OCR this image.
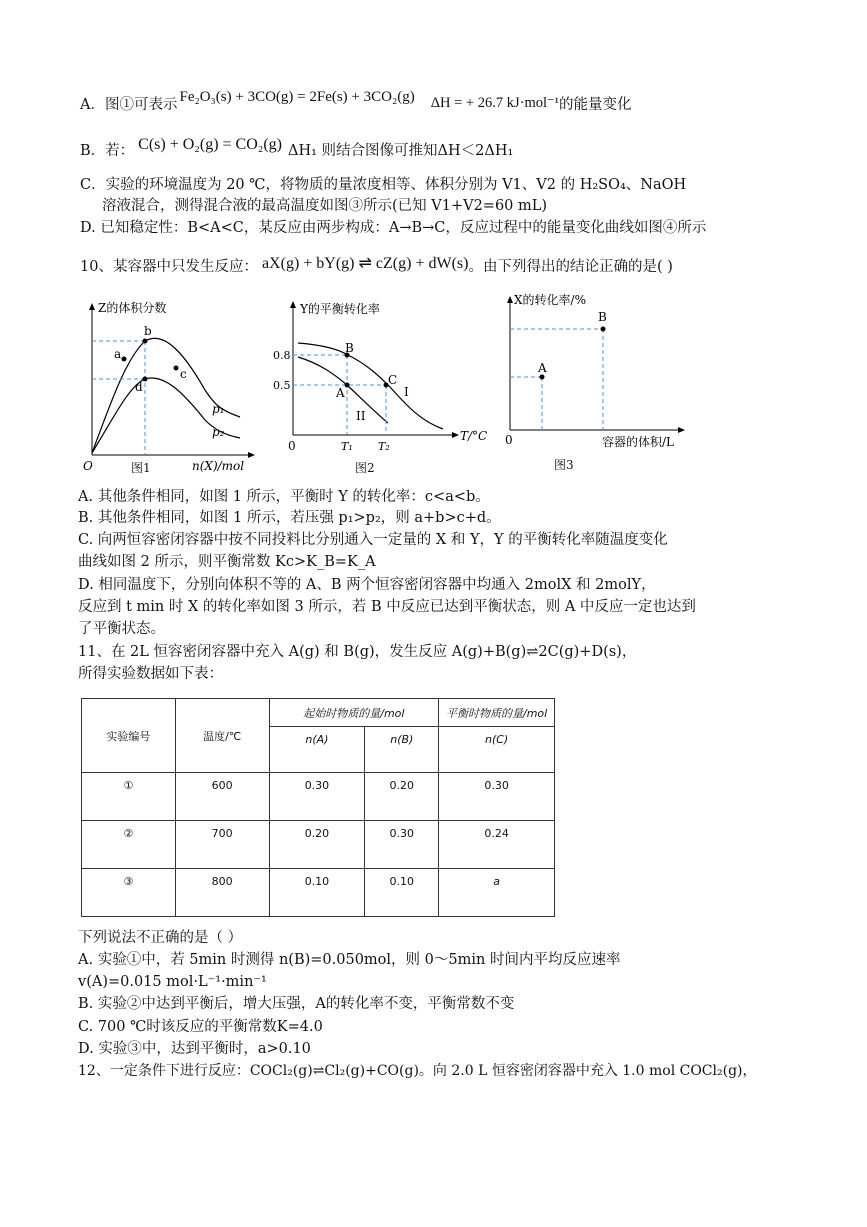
A．图①可表示 Fe₂O₃(s) + 3CO(g) = 2Fe(s) + 3CO₂(g) ΔH = + 26.7 kJ·mol⁻¹的能量变化
B．若： C(s) + O₂(g) = CO₂(g) ΔH₁ 则结合图像可推知ΔH＜2ΔH₁
C．实验的环境温度为 20 ℃，将物质的量浓度相等、体积分别为 V1、V2 的 H₂SO₄、NaOH
溶液混合，测得混合液的最高温度如图③所示(已知 V1+V2=60 mL)
D. 已知稳定性：B<A<C，某反应由两步构成：A→B→C，反应过程中的能量变化曲线如图④所示
10、某容器中只发生反应： aX(g) + bY(g) ⇌ cZ(g) + dW(s)。由下列得出的结论正确的是( )
Z的体积分数
n(X)/mol
O
a
b
c
d
p₁
p₂
图1
Y的平衡转化率
T/°C
0
0.8
0.5
T₁ T₂
A
B
C
I
II
图2
X的转化率/%
容器的体积/L
0
A
B
图3
A. 其他条件相同，如图 1 所示，平衡时 Y 的转化率：c<a<b。
B. 其他条件相同，如图 1 所示，若压强 p₁>p₂，则 a+b>c+d。
C. 向两恒容密闭容器中按不同投料比分别通入一定量的 X 和 Y，Y 的平衡转化率随温度变化
曲线如图 2 所示，则平衡常数 Kc>K_B=K_A
D. 相同温度下，分别向体积不等的 A、B 两个恒容密闭容器中均通入 2molX 和 2molY，
反应到 t min 时 X 的转化率如图 3 所示，若 B 中反应已达到平衡状态，则 A 中反应一定也达到
了平衡状态。
11、在 2L 恒容密闭容器中充入 A(g) 和 B(g)，发生反应 A(g)+B(g)⇌2C(g)+D(s)，
所得实验数据如下表：
实验编号	温度/℃	起始时物质的量/mol		平衡时物质的量/mol
		n(A)	n(B)	n(C)
①	600	0.30	0.20	0.30
②	700	0.20	0.30	0.24
③	800	0.10	0.10	a
下列说法不正确的是（ ）
A. 实验①中，若 5min 时测得 n(B)=0.050mol，则 0～5min 时间内平均反应速率
v(A)=0.015 mol·L⁻¹·min⁻¹
B. 实验②中达到平衡后，增大压强，A的转化率不变，平衡常数不变
C. 700 ℃时该反应的平衡常数K=4.0
D. 实验③中，达到平衡时，a>0.10
12、一定条件下进行反应：COCl₂(g)⇌Cl₂(g)+CO(g)。向 2.0 L 恒容密闭容器中充入 1.0 mol COCl₂(g)，
